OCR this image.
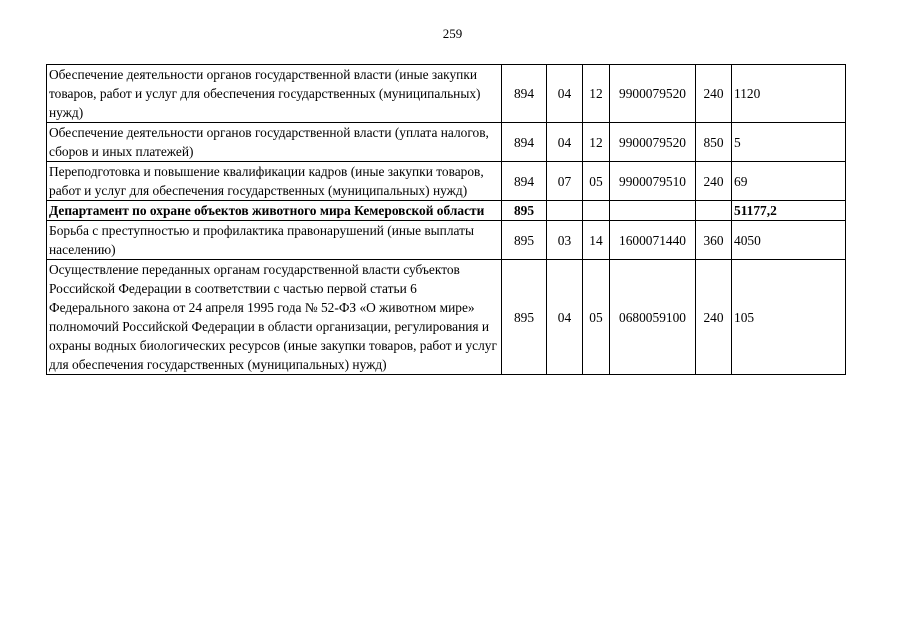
259
Обеспечение деятельности органов государственной власти (иные закупки товаров, работ и услуг для обеспечения государственных (муниципальных) нужд)	894	04	12	9900079520	240	1120
Обеспечение деятельности органов государственной власти (уплата налогов, сборов и иных платежей)	894	04	12	9900079520	850	5
Переподготовка и повышение квалификации кадров (иные закупки товаров, работ и услуг для обеспечения государственных (муниципальных) нужд)	894	07	05	9900079510	240	69
Департамент по охране объектов животного мира Кемеровской области	895					51177,2
Борьба с преступностью и профилактика правонарушений (иные выплаты населению)	895	03	14	1600071440	360	4050
Осуществление переданных органам государственной власти субъектов Российской Федерации в соответствии с частью первой статьи 6 Федерального закона от 24 апреля 1995 года № 52-ФЗ «О животном мире» полномочий Российской Федерации в области организации, регулирования и охраны водных биологических ресурсов (иные закупки товаров, работ и услуг для обеспечения государственных (муниципальных) нужд)	895	04	05	0680059100	240	105
